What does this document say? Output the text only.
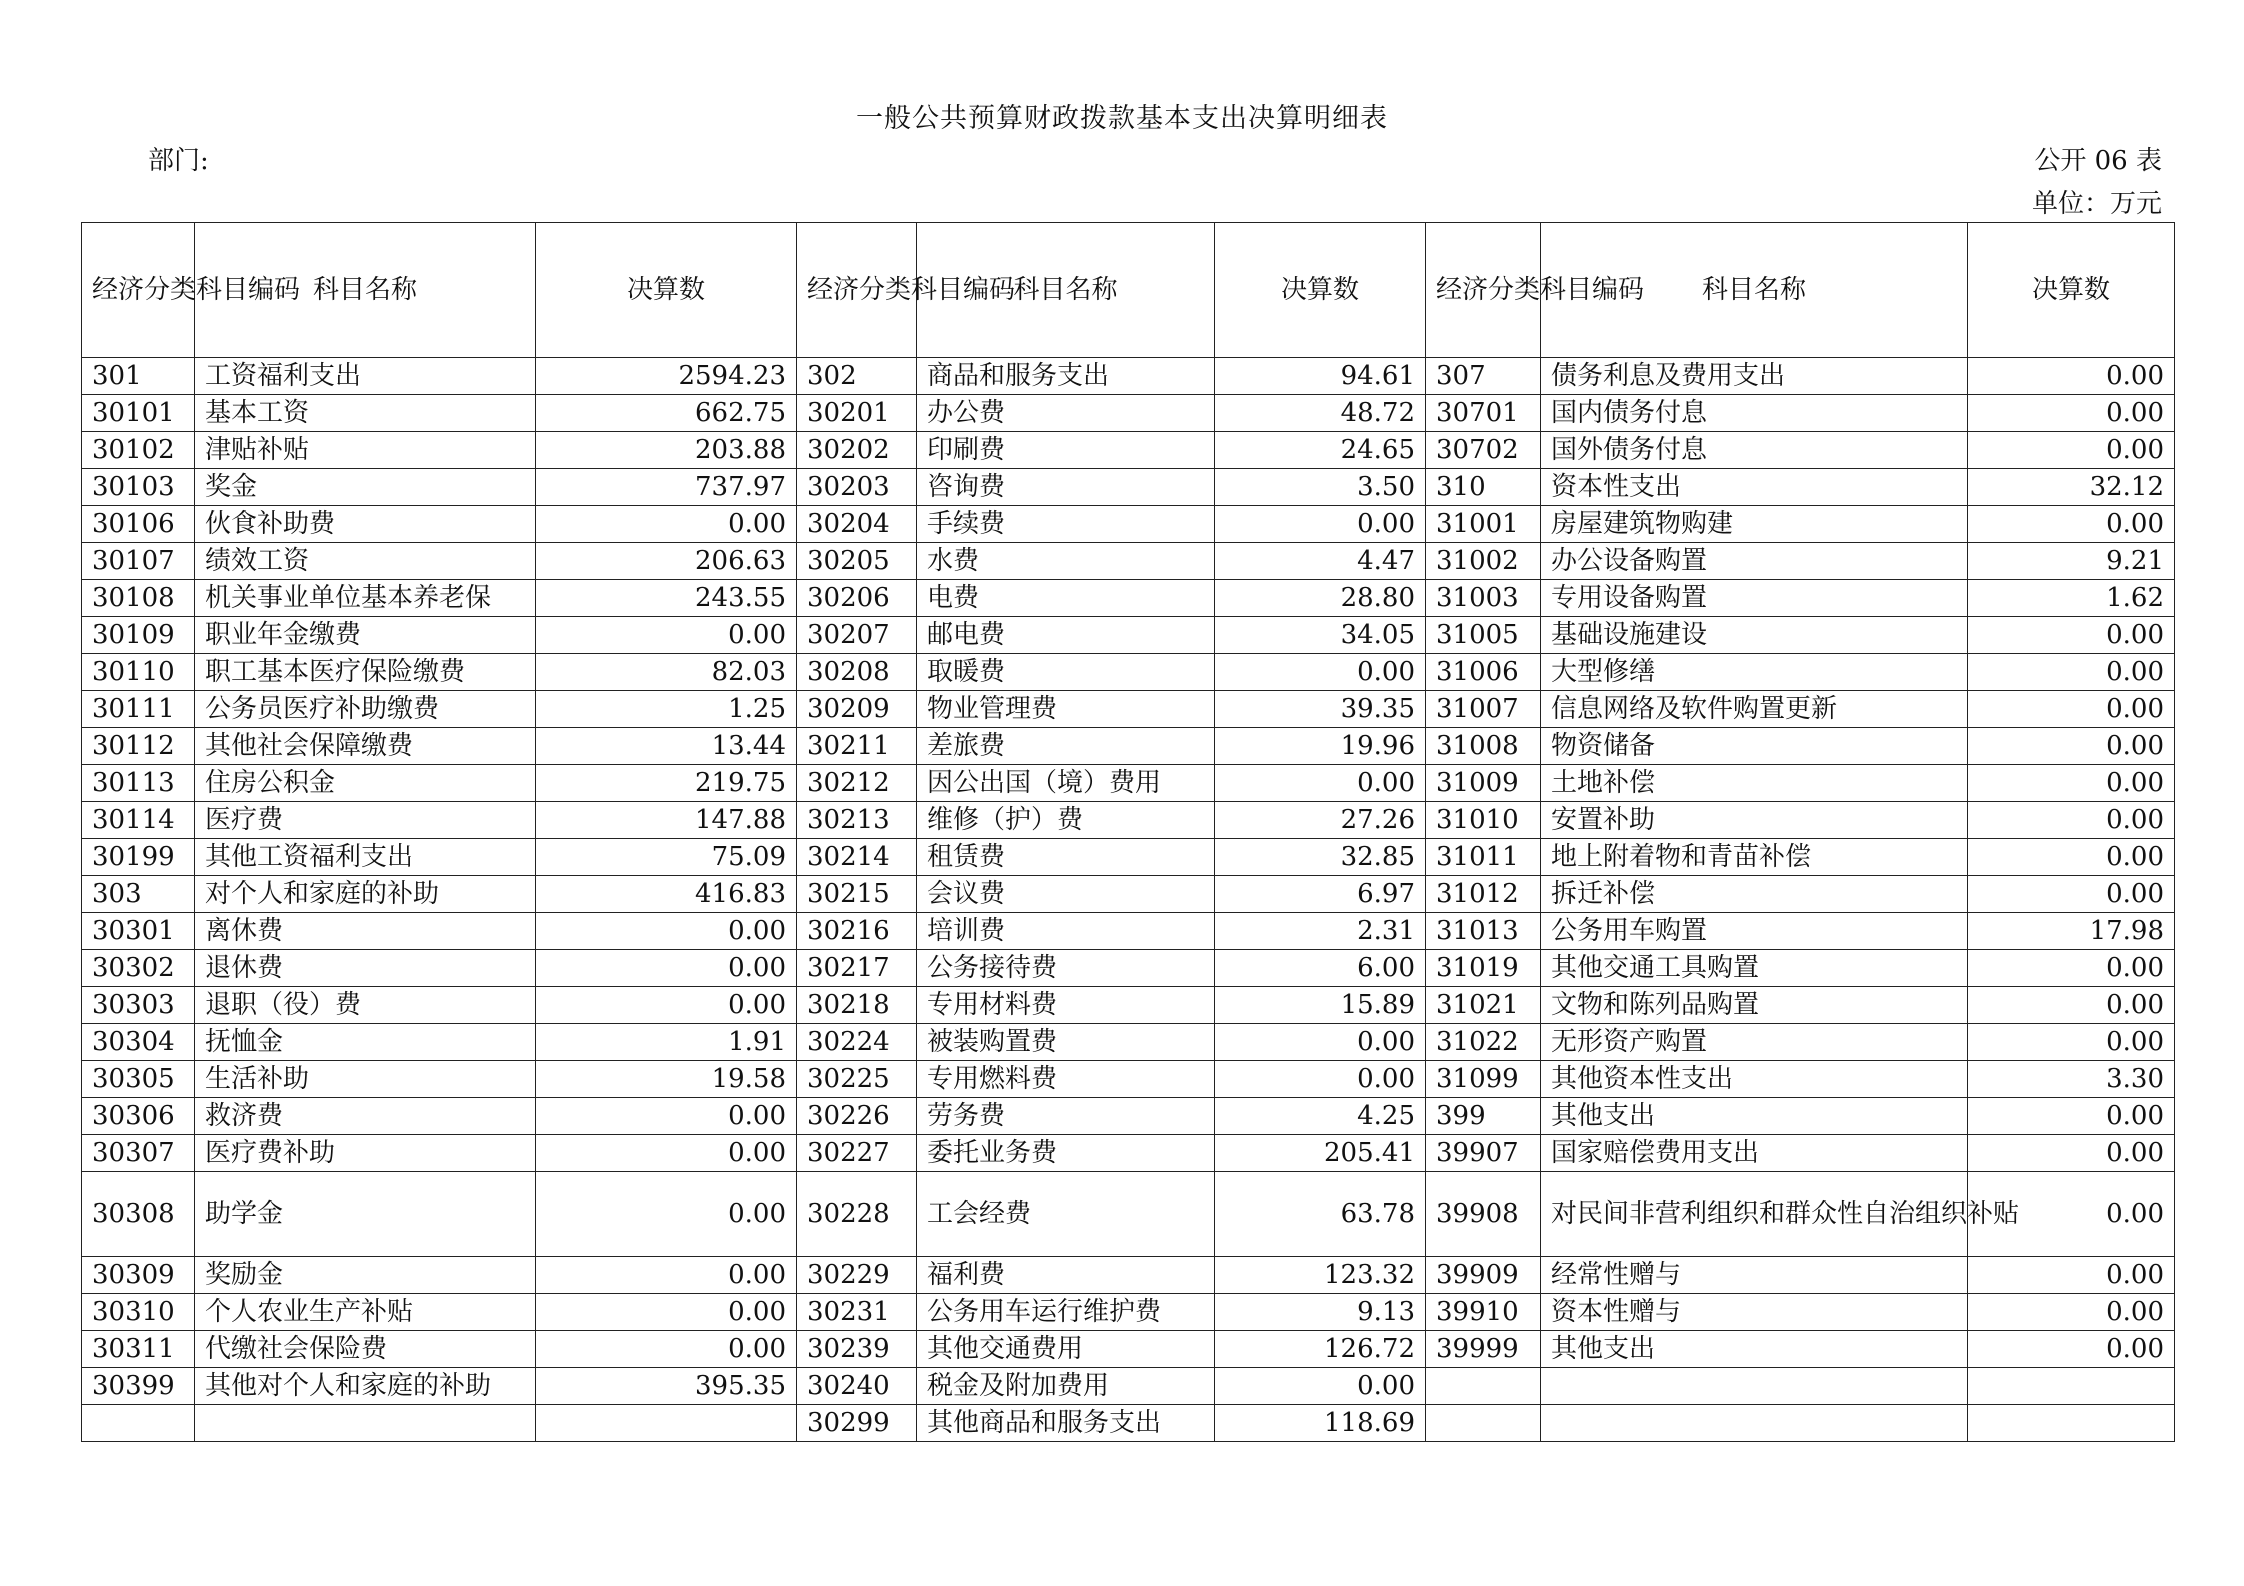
一般公共预算财政拨款基本支出决算明细表
部门:	公开 06 表
单位：万元
经济分类科目编码	科目名称	决算数	经济分类科目编码	科目名称	决算数	经济分类科目编码	科目名称	决算数
301	工资福利支出	2594.23	302	商品和服务支出	94.61	307	债务利息及费用支出	0.00
30101	基本工资	662.75	30201	办公费	48.72	30701	国内债务付息	0.00
30102	津贴补贴	203.88	30202	印刷费	24.65	30702	国外债务付息	0.00
30103	奖金	737.97	30203	咨询费	3.50	310	资本性支出	32.12
30106	伙食补助费	0.00	30204	手续费	0.00	31001	房屋建筑物购建	0.00
30107	绩效工资	206.63	30205	水费	4.47	31002	办公设备购置	9.21
30108	机关事业单位基本养老保	243.55	30206	电费	28.80	31003	专用设备购置	1.62
30109	职业年金缴费	0.00	30207	邮电费	34.05	31005	基础设施建设	0.00
30110	职工基本医疗保险缴费	82.03	30208	取暖费	0.00	31006	大型修缮	0.00
30111	公务员医疗补助缴费	1.25	30209	物业管理费	39.35	31007	信息网络及软件购置更新	0.00
30112	其他社会保障缴费	13.44	30211	差旅费	19.96	31008	物资储备	0.00
30113	住房公积金	219.75	30212	因公出国（境）费用	0.00	31009	土地补偿	0.00
30114	医疗费	147.88	30213	维修（护）费	27.26	31010	安置补助	0.00
30199	其他工资福利支出	75.09	30214	租赁费	32.85	31011	地上附着物和青苗补偿	0.00
303	对个人和家庭的补助	416.83	30215	会议费	6.97	31012	拆迁补偿	0.00
30301	离休费	0.00	30216	培训费	2.31	31013	公务用车购置	17.98
30302	退休费	0.00	30217	公务接待费	6.00	31019	其他交通工具购置	0.00
30303	退职（役）费	0.00	30218	专用材料费	15.89	31021	文物和陈列品购置	0.00
30304	抚恤金	1.91	30224	被装购置费	0.00	31022	无形资产购置	0.00
30305	生活补助	19.58	30225	专用燃料费	0.00	31099	其他资本性支出	3.30
30306	救济费	0.00	30226	劳务费	4.25	399	其他支出	0.00
30307	医疗费补助	0.00	30227	委托业务费	205.41	39907	国家赔偿费用支出	0.00
30308	助学金	0.00	30228	工会经费	63.78	39908	对民间非营利组织和群众性自治组织补贴	0.00
30309	奖励金	0.00	30229	福利费	123.32	39909	经常性赠与	0.00
30310	个人农业生产补贴	0.00	30231	公务用车运行维护费	9.13	39910	资本性赠与	0.00
30311	代缴社会保险费	0.00	30239	其他交通费用	126.72	39999	其他支出	0.00
30399	其他对个人和家庭的补助	395.35	30240	税金及附加费用	0.00			
			30299	其他商品和服务支出	118.69			
